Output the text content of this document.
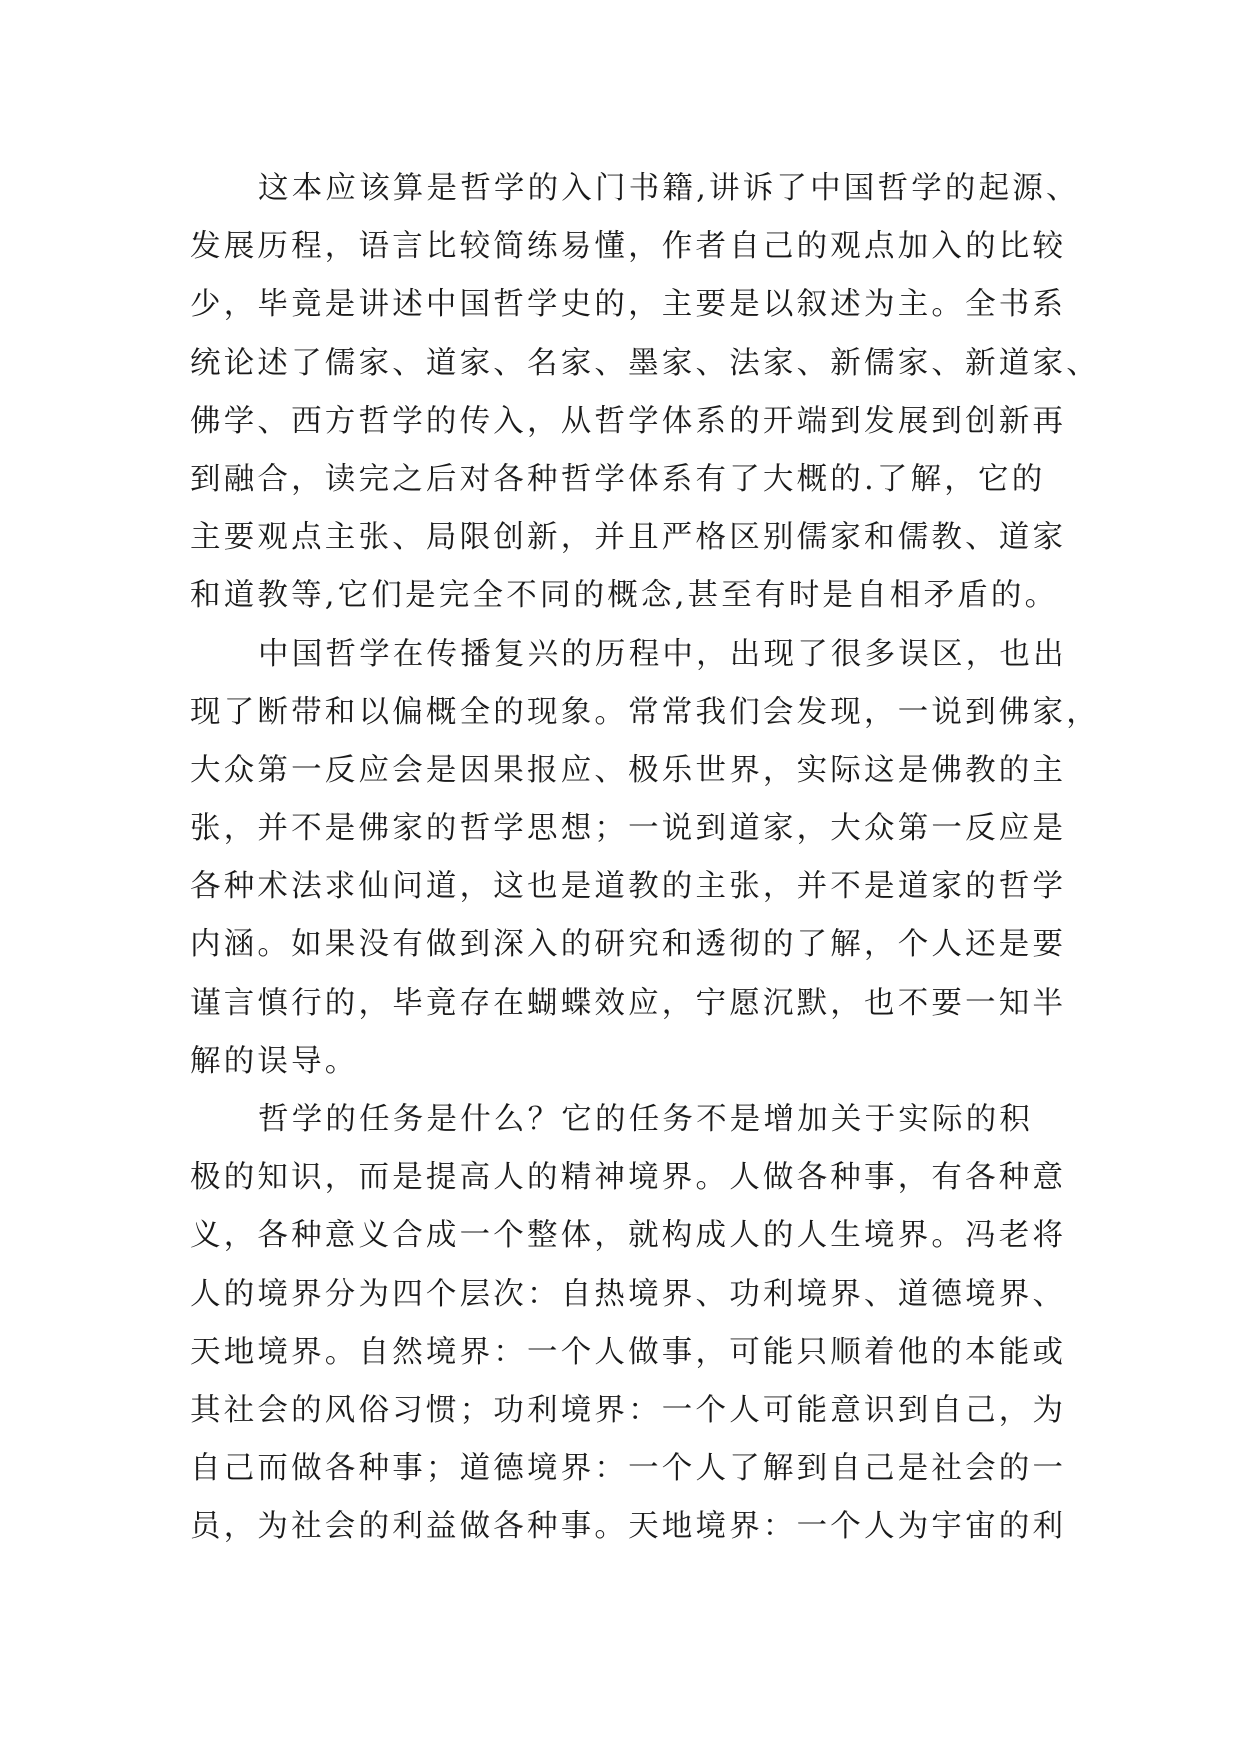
这本应该算是哲学的入门书籍,讲诉了中国哲学的起源、
发展历程，语言比较简练易懂，作者自己的观点加入的比较
少，毕竟是讲述中国哲学史的，主要是以叙述为主。全书系
统论述了儒家、道家、名家、墨家、法家、新儒家、新道家、
佛学、西方哲学的传入，从哲学体系的开端到发展到创新再
到融合，读完之后对各种哲学体系有了大概的.了解，它的
主要观点主张、局限创新，并且严格区别儒家和儒教、道家
和道教等,它们是完全不同的概念,甚至有时是自相矛盾的。
中国哲学在传播复兴的历程中，出现了很多误区，也出
现了断带和以偏概全的现象。常常我们会发现，一说到佛家，
大众第一反应会是因果报应、极乐世界，实际这是佛教的主
张，并不是佛家的哲学思想；一说到道家，大众第一反应是
各种术法求仙问道，这也是道教的主张，并不是道家的哲学
内涵。如果没有做到深入的研究和透彻的了解，个人还是要
谨言慎行的，毕竟存在蝴蝶效应，宁愿沉默，也不要一知半
解的误导。
哲学的任务是什么？它的任务不是增加关于实际的积
极的知识，而是提高人的精神境界。人做各种事，有各种意
义，各种意义合成一个整体，就构成人的人生境界。冯老将
人的境界分为四个层次：自热境界、功利境界、道德境界、
天地境界。自然境界：一个人做事，可能只顺着他的本能或
其社会的风俗习惯；功利境界：一个人可能意识到自己，为
自己而做各种事；道德境界：一个人了解到自己是社会的一
员，为社会的利益做各种事。天地境界：一个人为宇宙的利
